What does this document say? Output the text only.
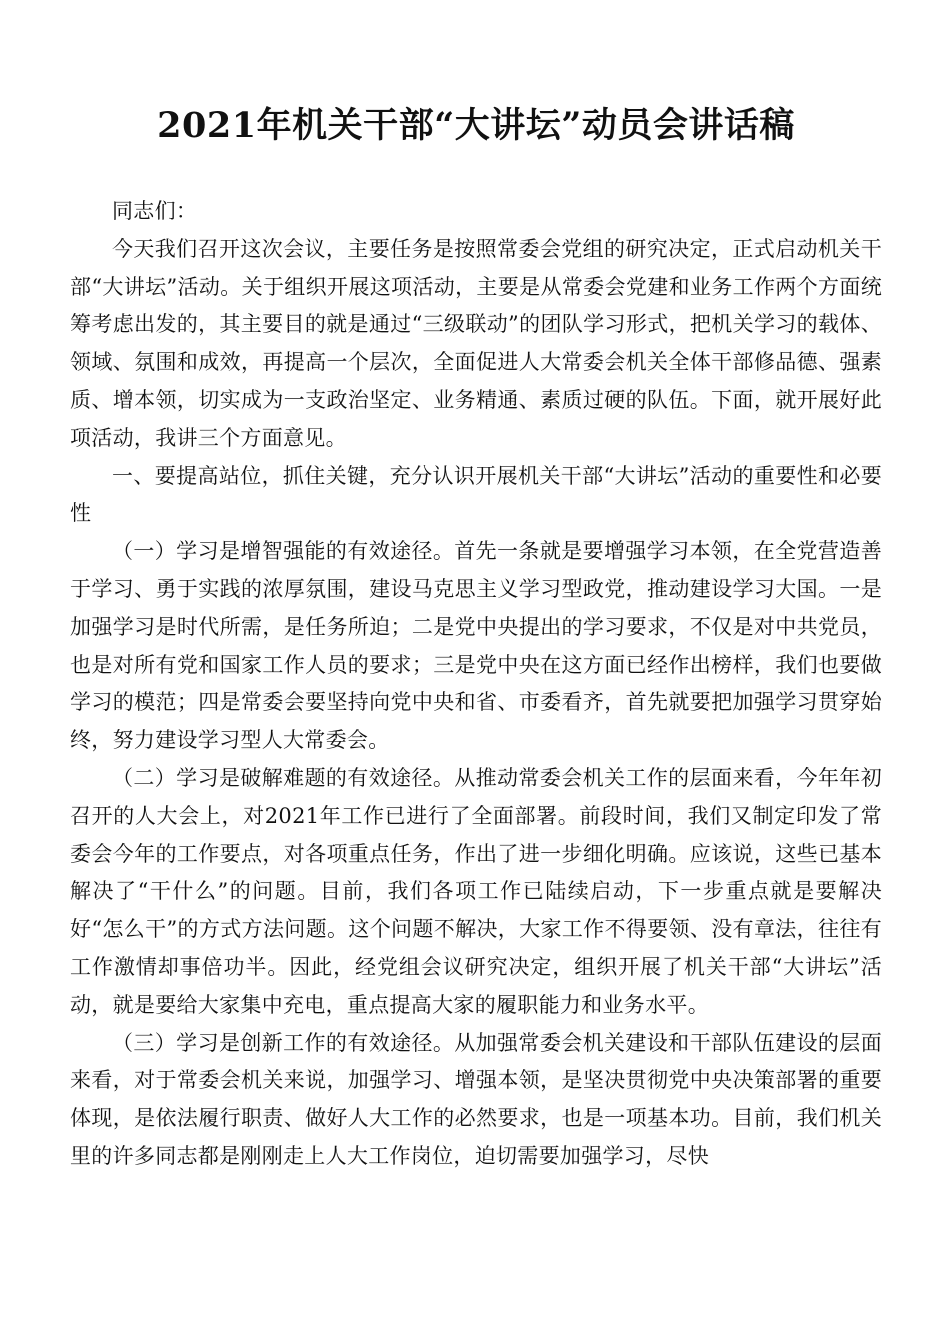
2021年机关干部“大讲坛”动员会讲话稿

同志们：

今天我们召开这次会议，主要任务是按照常委会党组的研究决定，正式启动机关干部“大讲坛”活动。关于组织开展这项活动，主要是从常委会党建和业务工作两个方面统筹考虑出发的，其主要目的就是通过“三级联动”的团队学习形式，把机关学习的载体、领域、氛围和成效，再提高一个层次，全面促进人大常委会机关全体干部修品德、强素质、增本领，切实成为一支政治坚定、业务精通、素质过硬的队伍。下面，就开展好此项活动，我讲三个方面意见。

一、要提高站位，抓住关键，充分认识开展机关干部“大讲坛”活动的重要性和必要性

（一）学习是增智强能的有效途径。首先一条就是要增强学习本领，在全党营造善于学习、勇于实践的浓厚氛围，建设马克思主义学习型政党，推动建设学习大国。一是加强学习是时代所需，是任务所迫；二是党中央提出的学习要求，不仅是对中共党员，也是对所有党和国家工作人员的要求；三是党中央在这方面已经作出榜样，我们也要做学习的模范；四是常委会要坚持向党中央和省、市委看齐，首先就要把加强学习贯穿始终，努力建设学习型人大常委会。

（二）学习是破解难题的有效途径。从推动常委会机关工作的层面来看，今年年初召开的人大会上，对2021年工作已进行了全面部署。前段时间，我们又制定印发了常委会今年的工作要点，对各项重点任务，作出了进一步细化明确。应该说，这些已基本解决了“干什么”的问题。目前，我们各项工作已陆续启动，下一步重点就是要解决好“怎么干”的方式方法问题。这个问题不解决，大家工作不得要领、没有章法，往往有工作激情却事倍功半。因此，经党组会议研究决定，组织开展了机关干部“大讲坛”活动，就是要给大家集中充电，重点提高大家的履职能力和业务水平。

（三）学习是创新工作的有效途径。从加强常委会机关建设和干部队伍建设的层面来看，对于常委会机关来说，加强学习、增强本领，是坚决贯彻党中央决策部署的重要体现，是依法履行职责、做好人大工作的必然要求，也是一项基本功。目前，我们机关里的许多同志都是刚刚走上人大工作岗位，迫切需要加强学习，尽快
